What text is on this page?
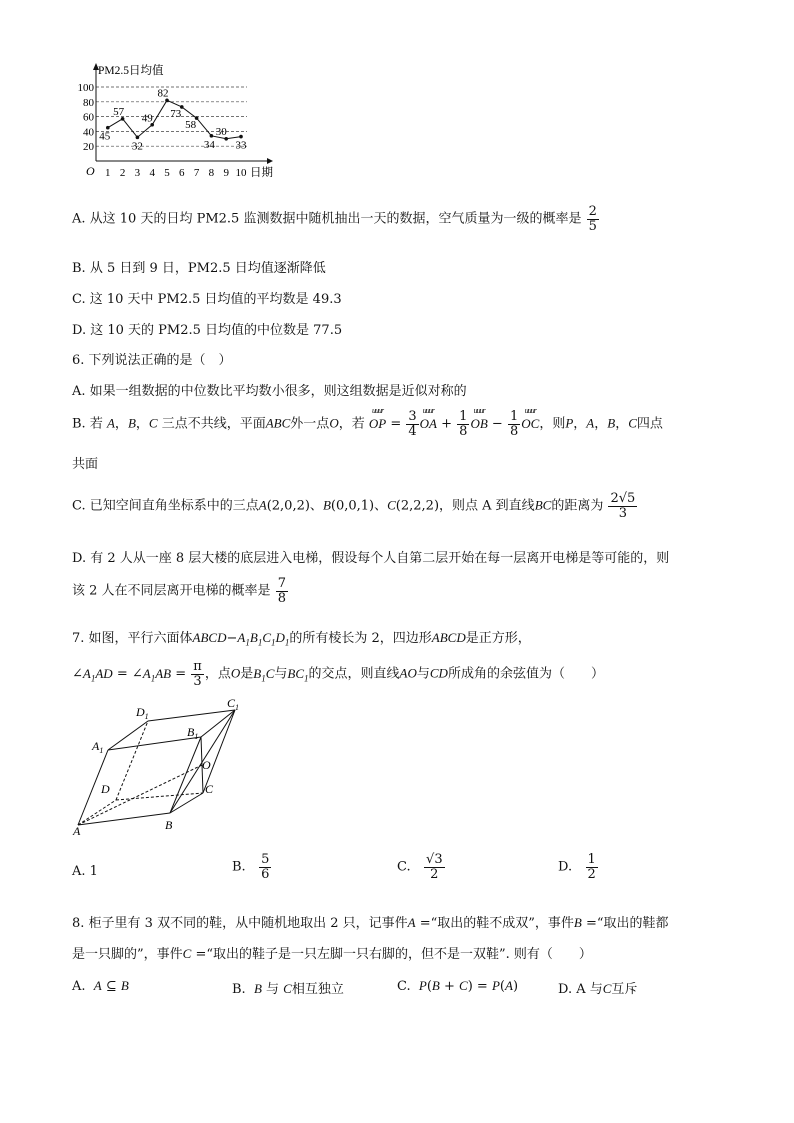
20
40
60
80
100
PM2.5日均值
O 1 2 3 4 5 6 7 8 9 10 日期
45
57
32
49
82
73
58
34
30
33
A. 从这 10 天的日均 PM2.5 监测数据中随机抽出一天的数据，空气质量为一级的概率是 $\frac{2}{5}$
B. 从 5 日到 9 日，PM2.5 日均值逐渐降低
C. 这 10 天中 PM2.5 日均值的平均数是 49.3
D. 这 10 天的 PM2.5 日均值的中位数是 77.5
6. 下列说法正确的是（　）
A. 如果一组数据的中位数比平均数小很多，则这组数据是近似对称的
B. 若 A，B，C 三点不共线，平面ABC外一点O，若
uuur
OP = $\frac{3}{4}$ uuur
OA + $\frac{1}{8}$ uuur
OB − $\frac{1}{8}$ uuur
OC，则P，A，B，C四点
共面
C. 已知空间直角坐标系中的三点A(2,0,2)、B(0,0,1)、C(2,2,2)，则点 A 到直线BC的距离为 $\frac{2√5}{3}$
D. 有 2 人从一座 8 层大楼的底层进入电梯，假设每个人自第二层开始在每一层离开电梯是等可能的，则
该 2 人在不同层离开电梯的概率是 $\frac{7}{8}$
7. 如图，平行六面体$ABCD-A_1B_1C_1D_1$的所有棱长为 2，四边形ABCD是正方形，
$\angle A_1AD$ = $\angle A_1AB = \frac{\pi}{3}$ ，点O是$B_1C$与$BC_1$的交点，则直线AO与CD所成角的余弦值为（　　）
$D_1$
$C_1$
$A_1$
$B_1$
O
D	C
A	B
A. 1	B. $\frac{5}{6}$	C. $\frac{√3}{2}$	D. $\frac{1}{2}$
8. 柜子里有 3 双不同的鞋，从中随机地取出 2 只，记事件A =“取出的鞋不成双”，事件B =“取出的鞋都
是一只脚的”，事件C =“取出的鞋子是一只左脚一只右脚的，但不是一双鞋”. 则有（　　）
A. A ⊆ B	B.  B 与 C相互独立	C.  P(B + C) = P(A)	D. A 与C互斥
